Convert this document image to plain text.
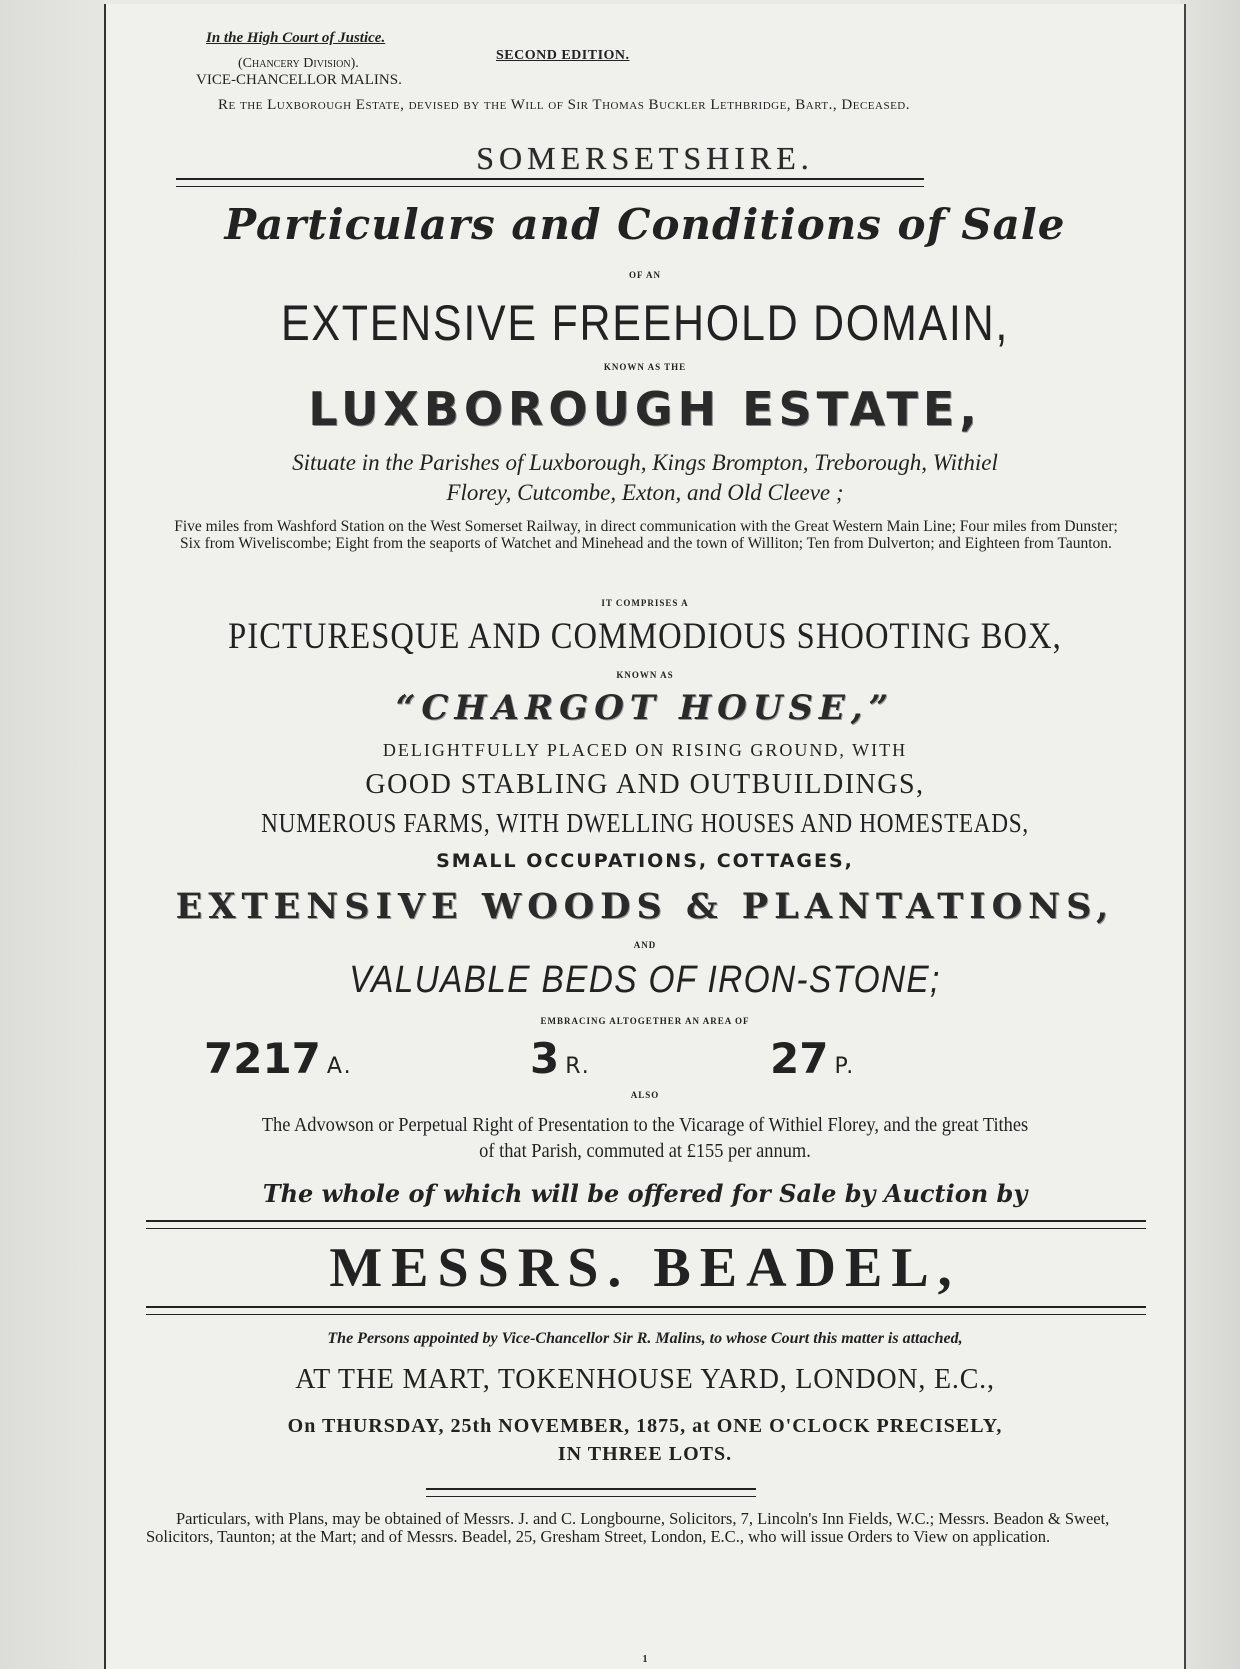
In the High Court of Justice.
(Chancery Division).
VICE-CHANCELLOR MALINS.
SECOND EDITION.
Re the Luxborough Estate, devised by the Will of Sir Thomas Buckler Lethbridge, Bart., Deceased.
SOMERSETSHIRE.
Particulars and Conditions of Sale
OF AN
EXTENSIVE FREEHOLD DOMAIN,
KNOWN AS THE
LUXBOROUGH ESTATE,
Situate in the Parishes of Luxborough, Kings Brompton, Treborough, Withiel
Florey, Cutcombe, Exton, and Old Cleeve ;
Five miles from Washford Station on the West Somerset Railway, in direct communication with the Great Western Main Line; Four miles from Dunster; Six from Wiveliscombe; Eight from the seaports of Watchet and Minehead and the town of Williton; Ten from Dulverton; and Eighteen from Taunton.
IT COMPRISES A
PICTURESQUE AND COMMODIOUS SHOOTING BOX,
KNOWN AS
“CHARGOT HOUSE,”
DELIGHTFULLY PLACED ON RISING GROUND, WITH
GOOD STABLING AND OUTBUILDINGS,
NUMEROUS FARMS, WITH DWELLING HOUSES AND HOMESTEADS,
SMALL OCCUPATIONS, COTTAGES,
EXTENSIVE WOODS & PLANTATIONS,
AND
VALUABLE BEDS OF IRON-STONE;
EMBRACING ALTOGETHER AN AREA OF
7217 A.	3 R.	27 P.
ALSO
The Advowson or Perpetual Right of Presentation to the Vicarage of Withiel Florey, and the great Tithes
of that Parish, commuted at £155 per annum.
The whole of which will be offered for Sale by Auction by
MESSRS. BEADEL,
The Persons appointed by Vice-Chancellor Sir R. Malins, to whose Court this matter is attached,
AT THE MART, TOKENHOUSE YARD, LONDON, E.C.,
On THURSDAY, 25th NOVEMBER, 1875, at ONE O'CLOCK PRECISELY,
IN THREE LOTS.
Particulars, with Plans, may be obtained of Messrs. J. and C. Longbourne, Solicitors, 7, Lincoln's Inn Fields, W.C.; Messrs. Beadon & Sweet, Solicitors, Taunton; at the Mart; and of Messrs. Beadel, 25, Gresham Street, London, E.C., who will issue Orders to View on application.
1
